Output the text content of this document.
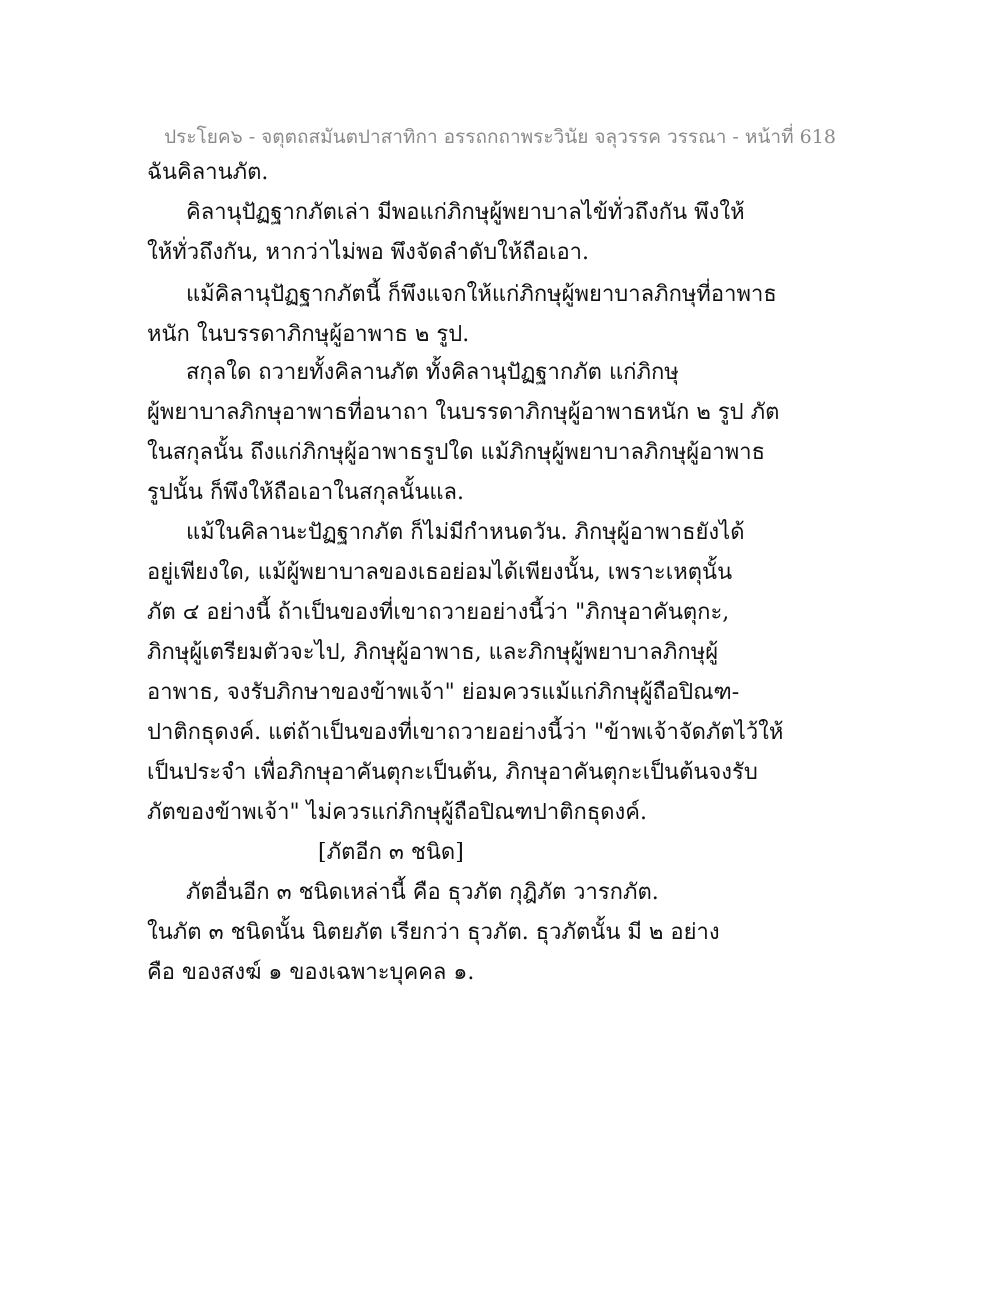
ประโยค๖ - จตุตถสมันตปาสาทิกา อรรถกถาพระวินัย จลุวรรค วรรณา - หน้าที่ 618
ฉันคิลานภัต.
คิลานุปัฏฐากภัตเล่า มีพอแก่ภิกษุผู้พยาบาลไข้ทั่วถึงกัน พึงให้
ให้ทั่วถึงกัน, หากว่าไม่พอ พึงจัดลำดับให้ถือเอา.
แม้คิลานุปัฏฐากภัตนี้ ก็พึงแจกให้แก่ภิกษุผู้พยาบาลภิกษุที่อาพาธ
หนัก ในบรรดาภิกษุผู้อาพาธ ๒ รูป.
สกุลใด ถวายทั้งคิลานภัต ทั้งคิลานุปัฏฐากภัต แก่ภิกษุ
ผู้พยาบาลภิกษุอาพาธที่อนาถา ในบรรดาภิกษุผู้อาพาธหนัก ๒ รูป ภัต
ในสกุลนั้น ถึงแก่ภิกษุผู้อาพาธรูปใด แม้ภิกษุผู้พยาบาลภิกษุผู้อาพาธ
รูปนั้น ก็พึงให้ถือเอาในสกุลนั้นแล.
แม้ในคิลานะปัฏฐากภัต ก็ไม่มีกำหนดวัน. ภิกษุผู้อาพาธยังได้
อยู่เพียงใด, แม้ผู้พยาบาลของเธอย่อมได้เพียงนั้น, เพราะเหตุนั้น
ภัต ๔ อย่างนี้ ถ้าเป็นของที่เขาถวายอย่างนี้ว่า "ภิกษุอาคันตุกะ,
ภิกษุผู้เตรียมตัวจะไป, ภิกษุผู้อาพาธ, และภิกษุผู้พยาบาลภิกษุผู้
อาพาธ, จงรับภิกษาของข้าพเจ้า" ย่อมควรแม้แก่ภิกษุผู้ถือปิณฑ-
ปาติกธุดงค์. แต่ถ้าเป็นของที่เขาถวายอย่างนี้ว่า "ข้าพเจ้าจัดภัตไว้ให้
เป็นประจำ เพื่อภิกษุอาคันตุกะเป็นต้น, ภิกษุอาคันตุกะเป็นต้นจงรับ
ภัตของข้าพเจ้า" ไม่ควรแก่ภิกษุผู้ถือปิณฑปาติกธุดงค์.
[ภัตอีก ๓ ชนิด]
ภัตอื่นอีก ๓ ชนิดเหล่านี้ คือ ธุวภัต กุฎิภัต วารกภัต.
ในภัต ๓ ชนิดนั้น นิตยภัต เรียกว่า ธุวภัต. ธุวภัตนั้น มี ๒ อย่าง
คือ ของสงฆ์ ๑ ของเฉพาะบุคคล ๑.
